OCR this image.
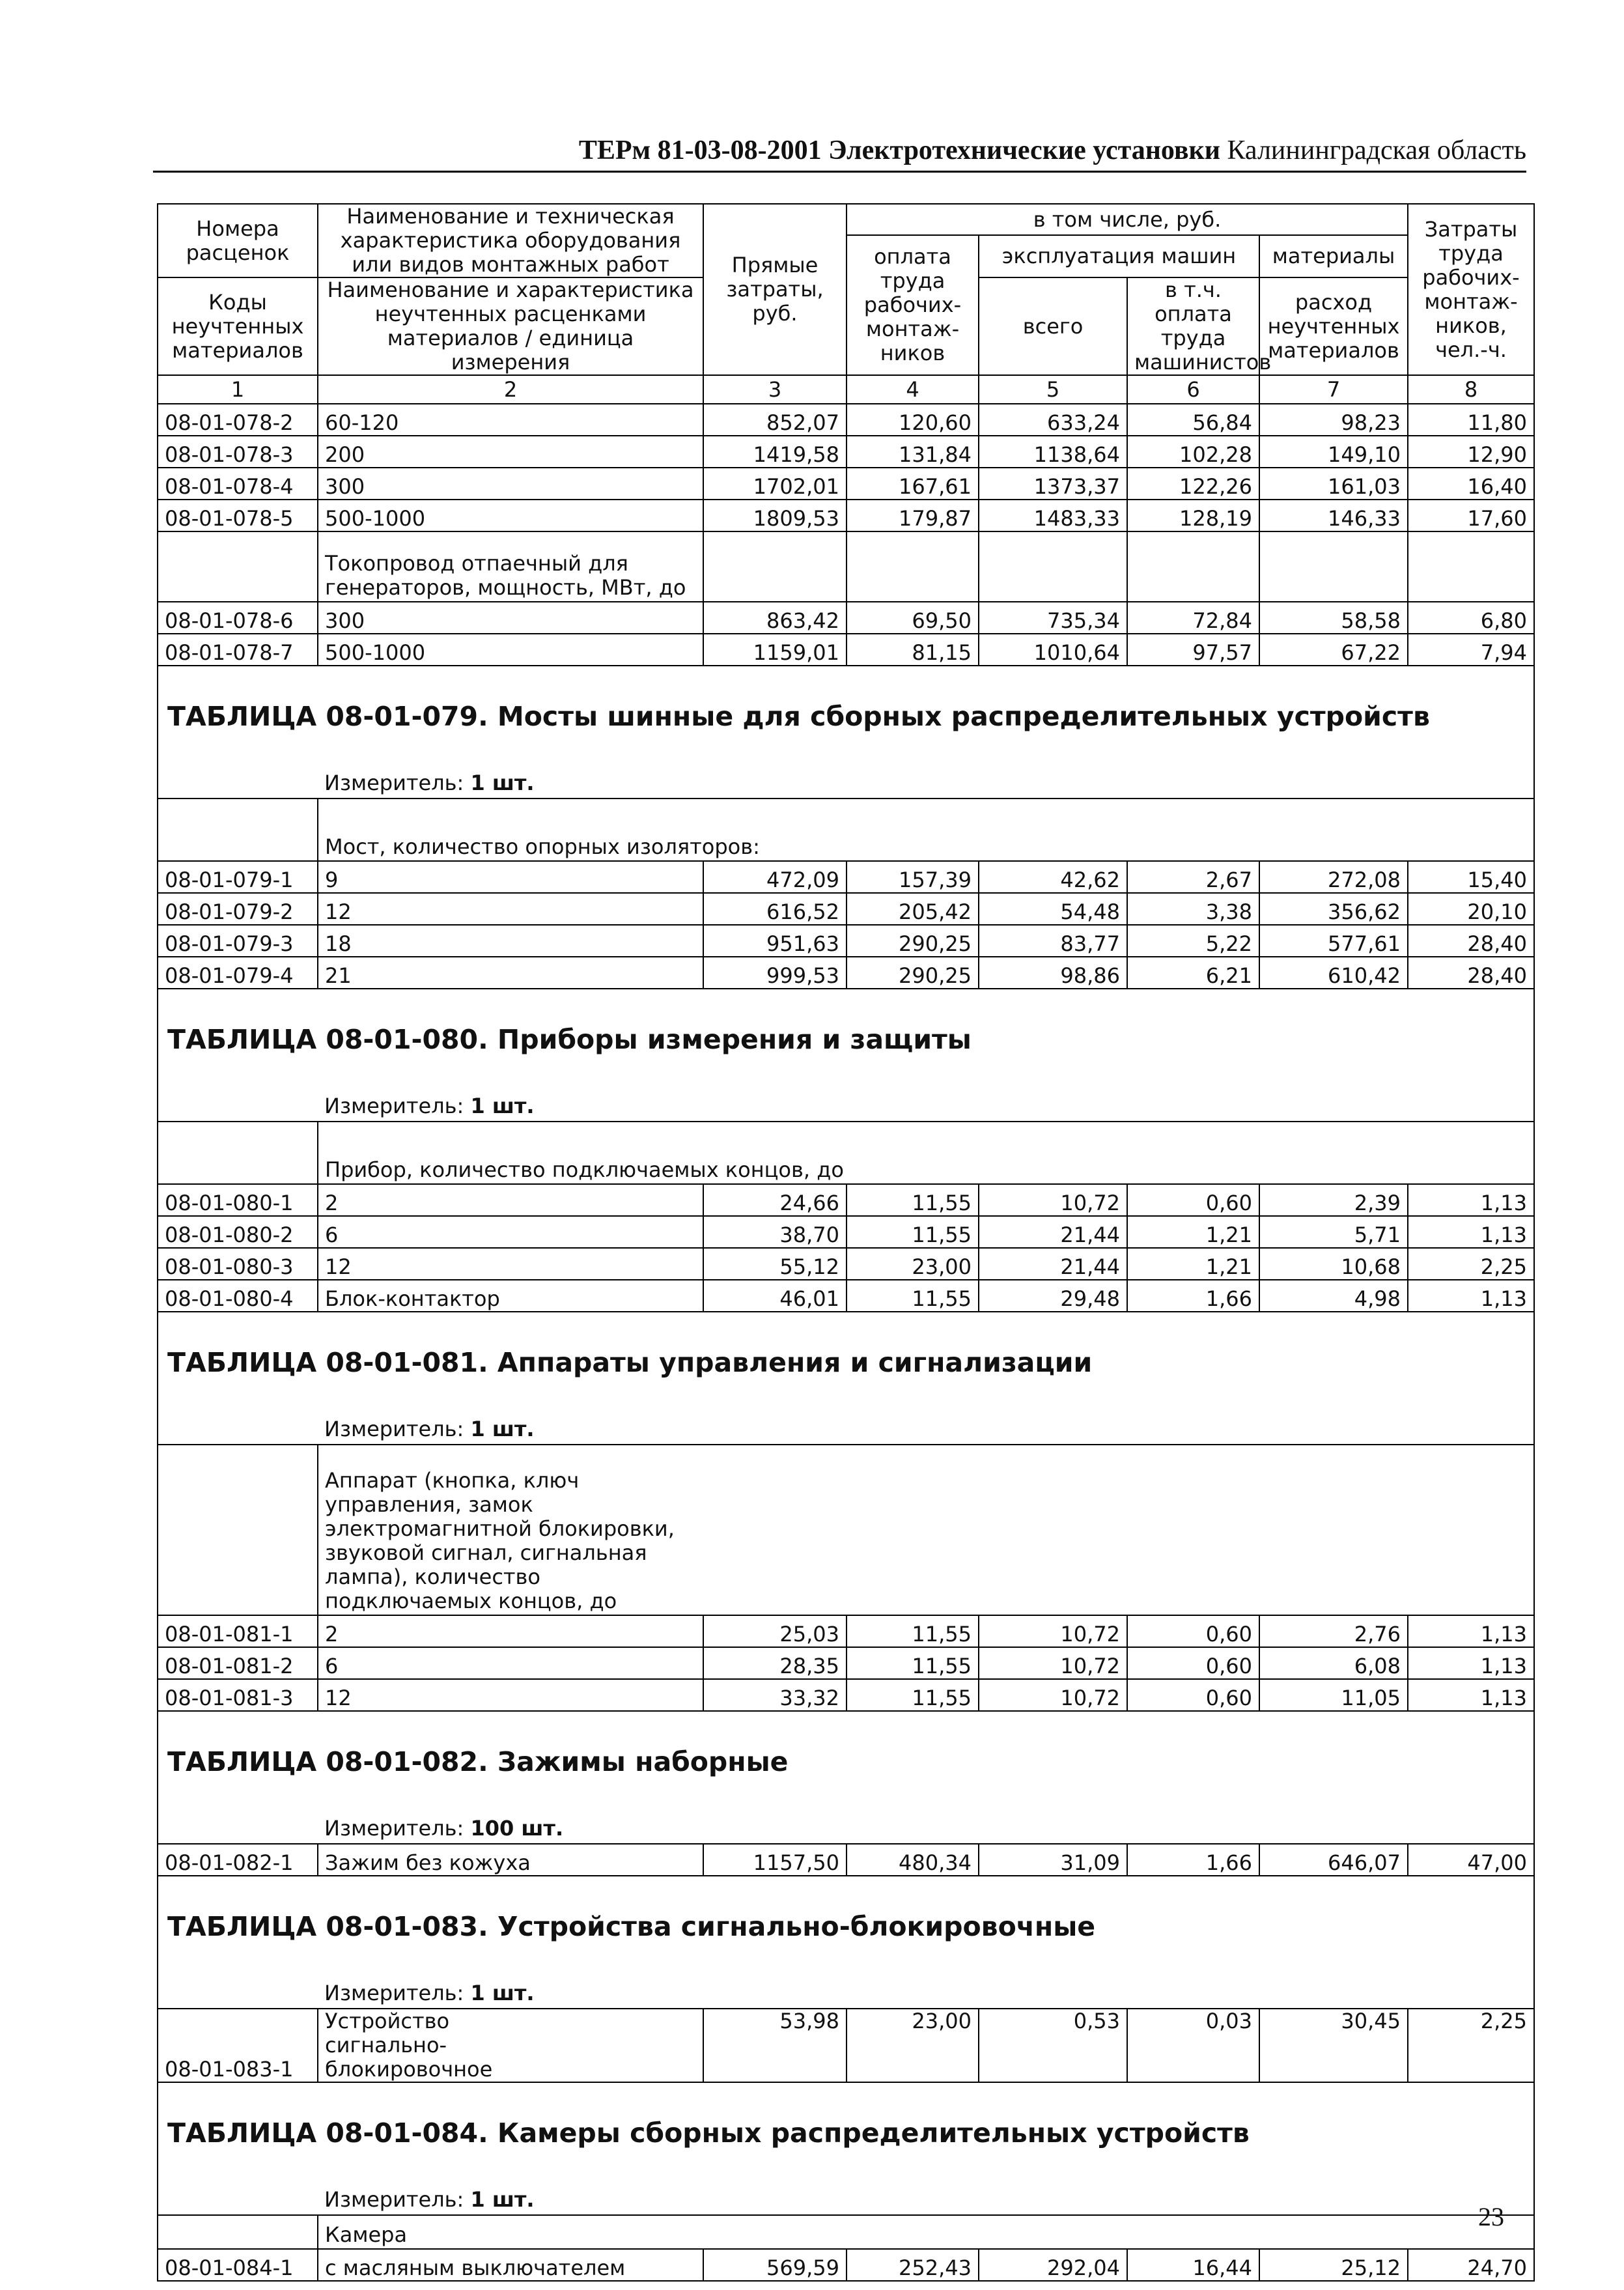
ТЕРм 81-03-08-2001 Электротехнические установки Калининградская область
Номера расценок	Наименование и техническая характеристика оборудования или видов монтажных работ	Прямые затраты, руб.	в том числе, руб.				Затраты труда рабочих-монтаж-ников, чел.-ч.
			оплата труда рабочих-монтаж-ников	эксплуатация машин		материалы	
Коды неучтенных материалов	Наименование и характеристика неучтенных расценками материалов / единица измерения			всего	в т.ч. оплата труда машинистов	расход неучтенных материалов	

1	2	3	4	5	6	7	8
08-01-078-2	60-120	852,07	120,60	633,24	56,84	98,23	11,80
08-01-078-3	200	1419,58	131,84	1138,64	102,28	149,10	12,90
08-01-078-4	300	1702,01	167,61	1373,37	122,26	161,03	16,40
08-01-078-5	500-1000	1809,53	179,87	1483,33	128,19	146,33	17,60
	Токопровод отпаечный для генераторов, мощность, МВт, до						
08-01-078-6	300	863,42	69,50	735,34	72,84	58,58	6,80
08-01-078-7	500-1000	1159,01	81,15	1010,64	97,57	67,22	7,94
ТАБЛИЦА 08-01-079. Мосты шинные для сборных распределительных устройств							
	Измеритель: 1 шт.						
	Мост, количество опорных изоляторов:						
08-01-079-1	9	472,09	157,39	42,62	2,67	272,08	15,40
08-01-079-2	12	616,52	205,42	54,48	3,38	356,62	20,10
08-01-079-3	18	951,63	290,25	83,77	5,22	577,61	28,40
08-01-079-4	21	999,53	290,25	98,86	6,21	610,42	28,40
ТАБЛИЦА 08-01-080. Приборы измерения и защиты							
	Измеритель: 1 шт.						
	Прибор, количество подключаемых концов, до						
08-01-080-1	2	24,66	11,55	10,72	0,60	2,39	1,13
08-01-080-2	6	38,70	11,55	21,44	1,21	5,71	1,13
08-01-080-3	12	55,12	23,00	21,44	1,21	10,68	2,25
08-01-080-4	Блок-контактор	46,01	11,55	29,48	1,66	4,98	1,13
ТАБЛИЦА 08-01-081. Аппараты управления и сигнализации							
	Измеритель: 1 шт.						

	Аппарат (кнопка, ключ управления, замок электромагнитной блокировки, звуковой сигнал, сигнальная лампа), количество подключаемых концов, до						

08-01-081-1	2	25,03	11,55	10,72	0,60	2,76	1,13
08-01-081-2	6	28,35	11,55	10,72	0,60	6,08	1,13
08-01-081-3	12	33,32	11,55	10,72	0,60	11,05	1,13
ТАБЛИЦА 08-01-082. Зажимы наборные							
	Измеритель: 100 шт.						
08-01-082-1	Зажим без кожуха	1157,50	480,34	31,09	1,66	646,07	47,00
ТАБЛИЦА 08-01-083. Устройства сигнально-блокировочные							
	Измеритель: 1 шт.						
08-01-083-1	Устройство сигнально-блокировочное	53,98	23,00	0,53	0,03	30,45	2,25
ТАБЛИЦА 08-01-084. Камеры сборных распределительных устройств							
	Измеритель: 1 шт.						
	Камера						
08-01-084-1	с масляным выключателем	569,59	252,43	292,04	16,44	25,12	24,70
23
